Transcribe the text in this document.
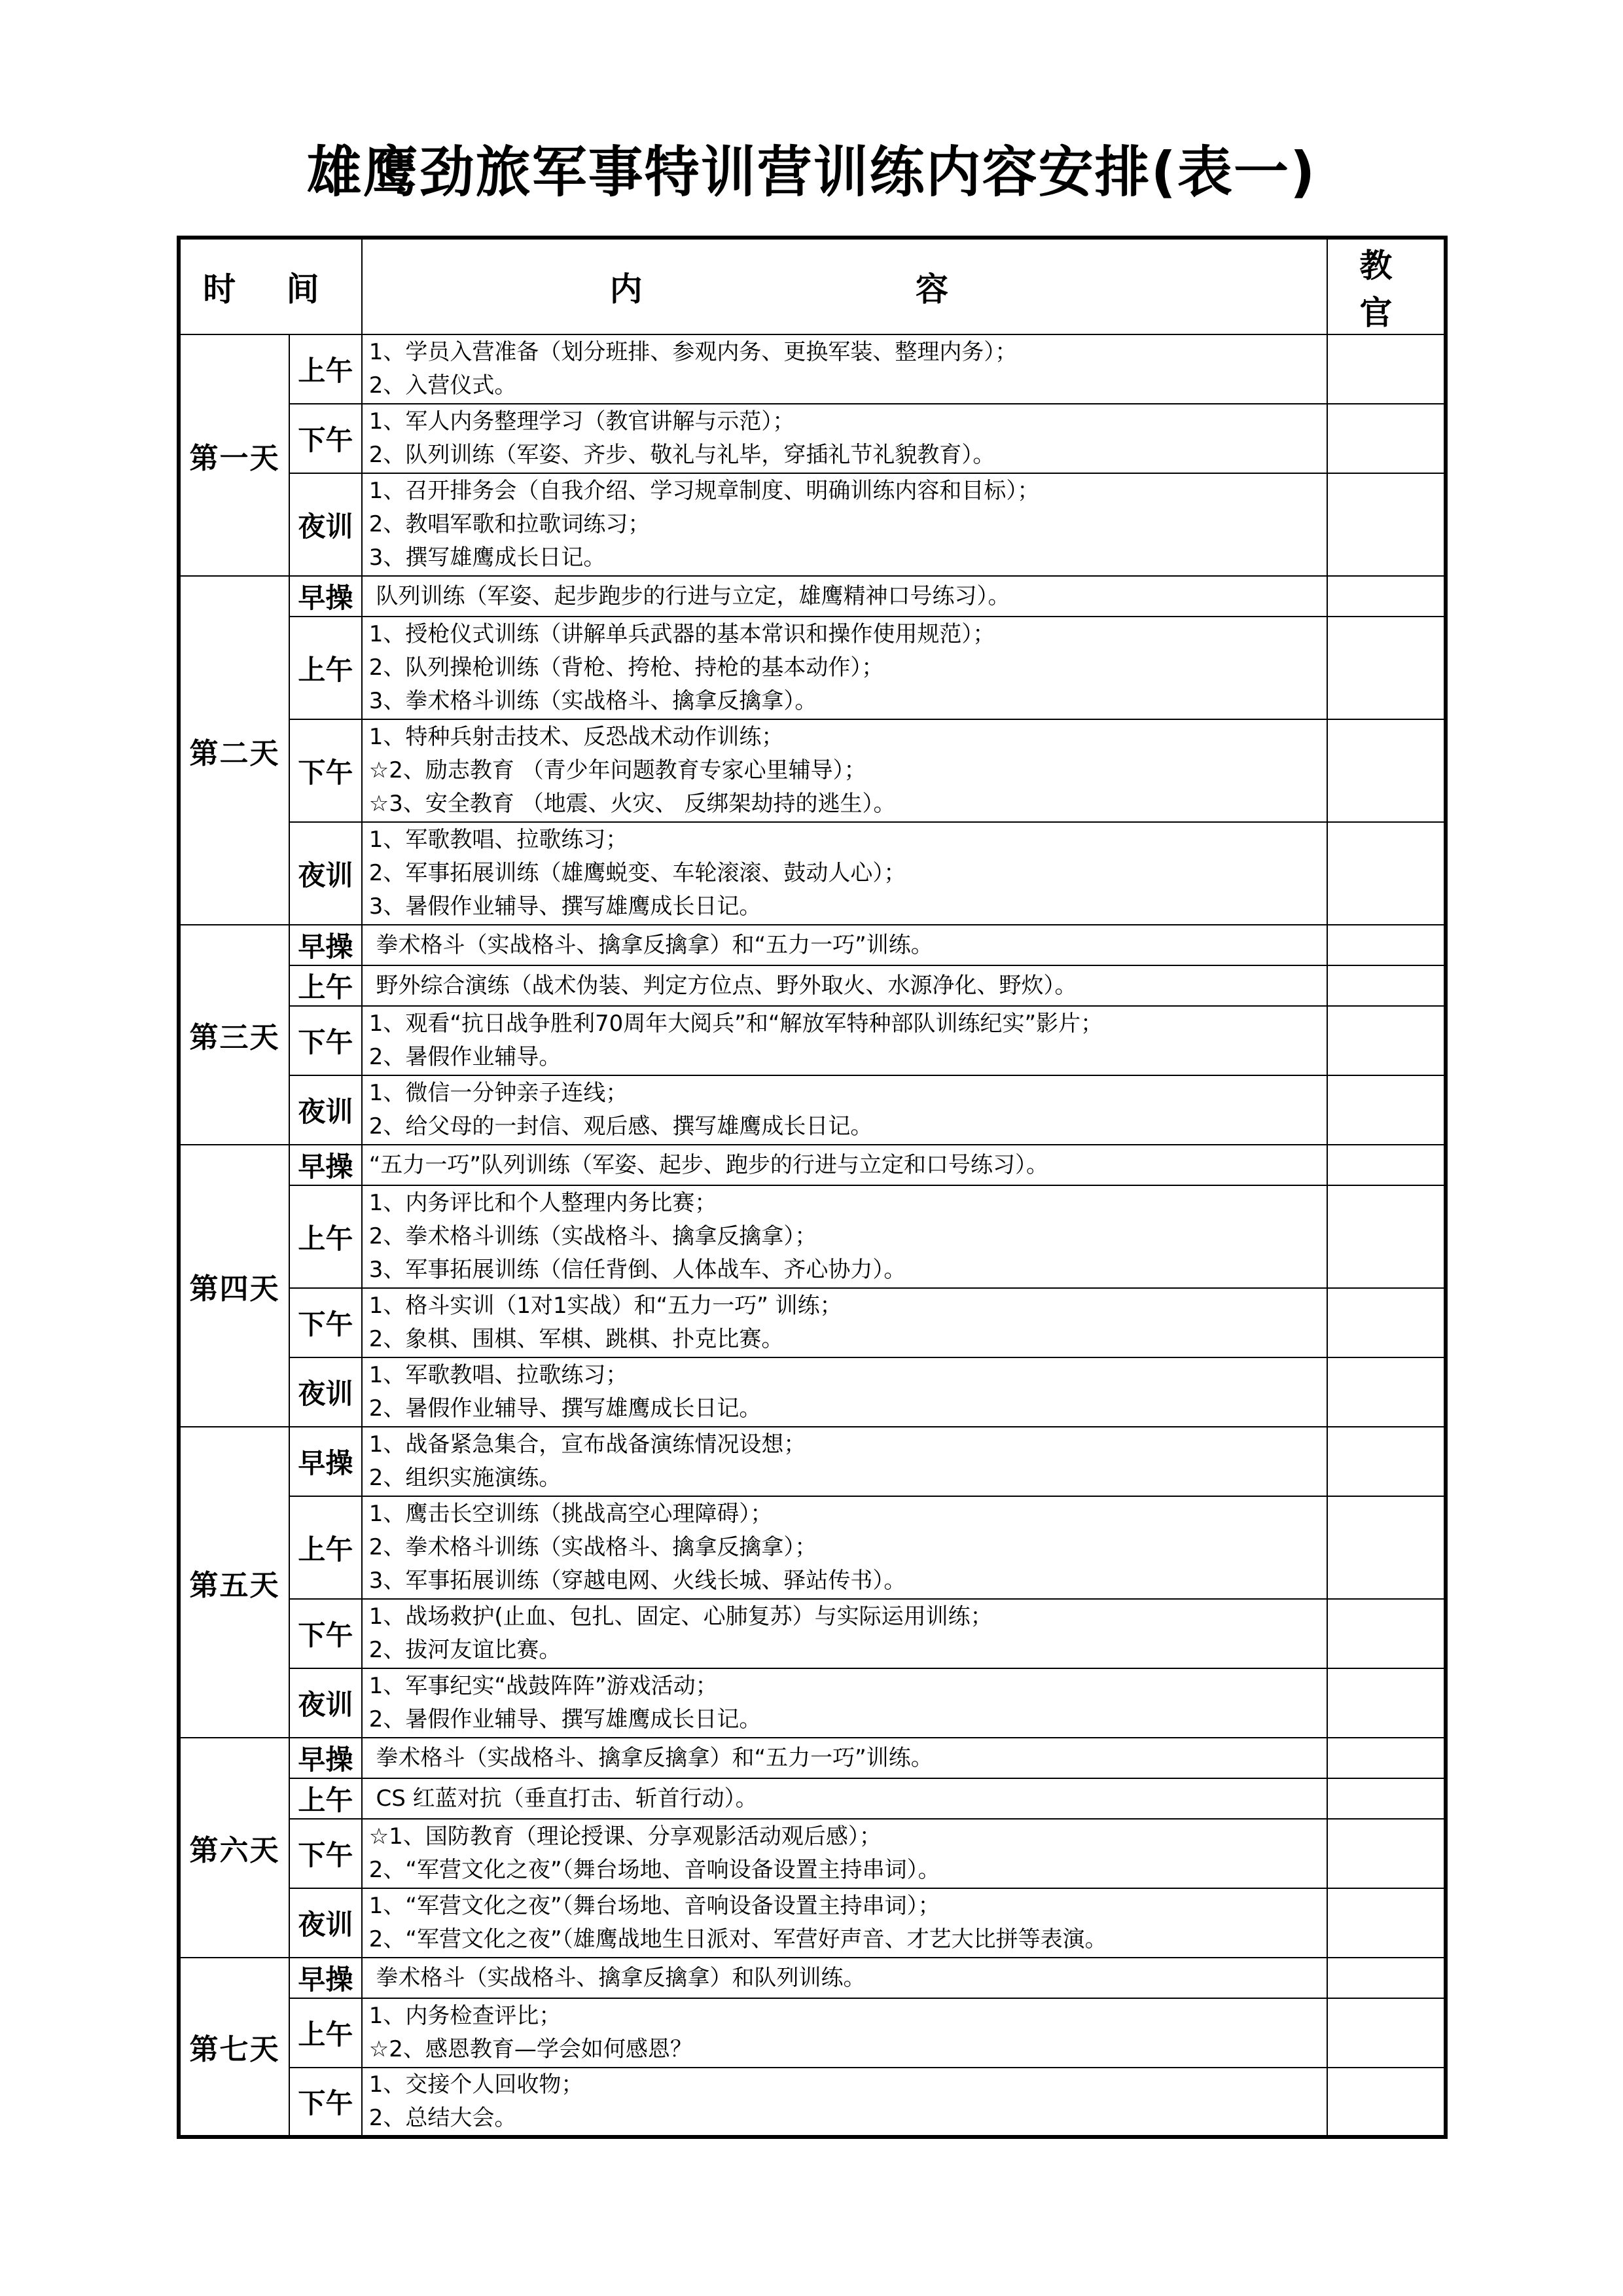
雄鹰劲旅军事特训营训练内容安排(表一)
时 间		内 容	教 官
第一天	上午	1、学员入营准备（划分班排、参观内务、更换军装、整理内务）；
2、入营仪式。	

	下午	1、军人内务整理学习（教官讲解与示范）；
2、队列训练（军姿、齐步、敬礼与礼毕，穿插礼节礼貌教育）。	

	夜训	1、召开排务会（自我介绍、学习规章制度、明确训练内容和目标）；
2、教唱军歌和拉歌词练习；
3、撰写雄鹰成长日记。	

第二天	早操	队列训练（军姿、起步跑步的行进与立定，雄鹰精神口号练习）。	

	上午	1、授枪仪式训练（讲解单兵武器的基本常识和操作使用规范）；
2、队列操枪训练（背枪、挎枪、持枪的基本动作）；
3、拳术格斗训练（实战格斗、擒拿反擒拿）。	

	下午	1、特种兵射击技术、反恐战术动作训练；
☆2、励志教育 （青少年问题教育专家心里辅导）；
☆3、安全教育 （地震、火灾、 反绑架劫持的逃生）。	

	夜训	1、军歌教唱、拉歌练习；
2、军事拓展训练（雄鹰蜕变、车轮滚滚、鼓动人心）；
3、暑假作业辅导、撰写雄鹰成长日记。	

第三天	早操	拳术格斗（实战格斗、擒拿反擒拿）和“五力一巧”训练。	

	上午	野外综合演练（战术伪装、判定方位点、野外取火、水源净化、野炊）。	

	下午	1、观看“抗日战争胜利70周年大阅兵”和“解放军特种部队训练纪实”影片；
2、暑假作业辅导。	

	夜训	1、微信一分钟亲子连线；
2、给父母的一封信、观后感、撰写雄鹰成长日记。	

第四天	早操	“五力一巧”队列训练（军姿、起步、跑步的行进与立定和口号练习）。	

	上午	1、内务评比和个人整理内务比赛；
2、拳术格斗训练（实战格斗、擒拿反擒拿）；
3、军事拓展训练（信任背倒、人体战车、齐心协力）。	

	下午	1、格斗实训（1对1实战）和“五力一巧” 训练；
2、象棋、围棋、军棋、跳棋、扑克比赛。	

	夜训	1、军歌教唱、拉歌练习；
2、暑假作业辅导、撰写雄鹰成长日记。	

第五天	早操	1、战备紧急集合，宣布战备演练情况设想；
2、组织实施演练。	

	上午	1、鹰击长空训练（挑战高空心理障碍）；
2、拳术格斗训练（实战格斗、擒拿反擒拿）；
3、军事拓展训练（穿越电网、火线长城、驿站传书）。	

	下午	1、战场救护(止血、包扎、固定、心肺复苏）与实际运用训练；
2、拔河友谊比赛。	

	夜训	1、军事纪实“战鼓阵阵”游戏活动；
2、暑假作业辅导、撰写雄鹰成长日记。	

第六天	早操	拳术格斗（实战格斗、擒拿反擒拿）和“五力一巧”训练。	

	上午	CS 红蓝对抗（垂直打击、斩首行动）。	

	下午	☆1、国防教育（理论授课、分享观影活动观后感）；
2、“军营文化之夜”（舞台场地、音响设备设置主持串词）。	

	夜训	1、“军营文化之夜”（舞台场地、音响设备设置主持串词）；
2、“军营文化之夜”（雄鹰战地生日派对、军营好声音、才艺大比拼等表演。	

第七天	早操	拳术格斗（实战格斗、擒拿反擒拿）和队列训练。	

	上午	1、内务检查评比；
☆2、感恩教育—学会如何感恩？	

	下午	1、交接个人回收物；
2、总结大会。	
